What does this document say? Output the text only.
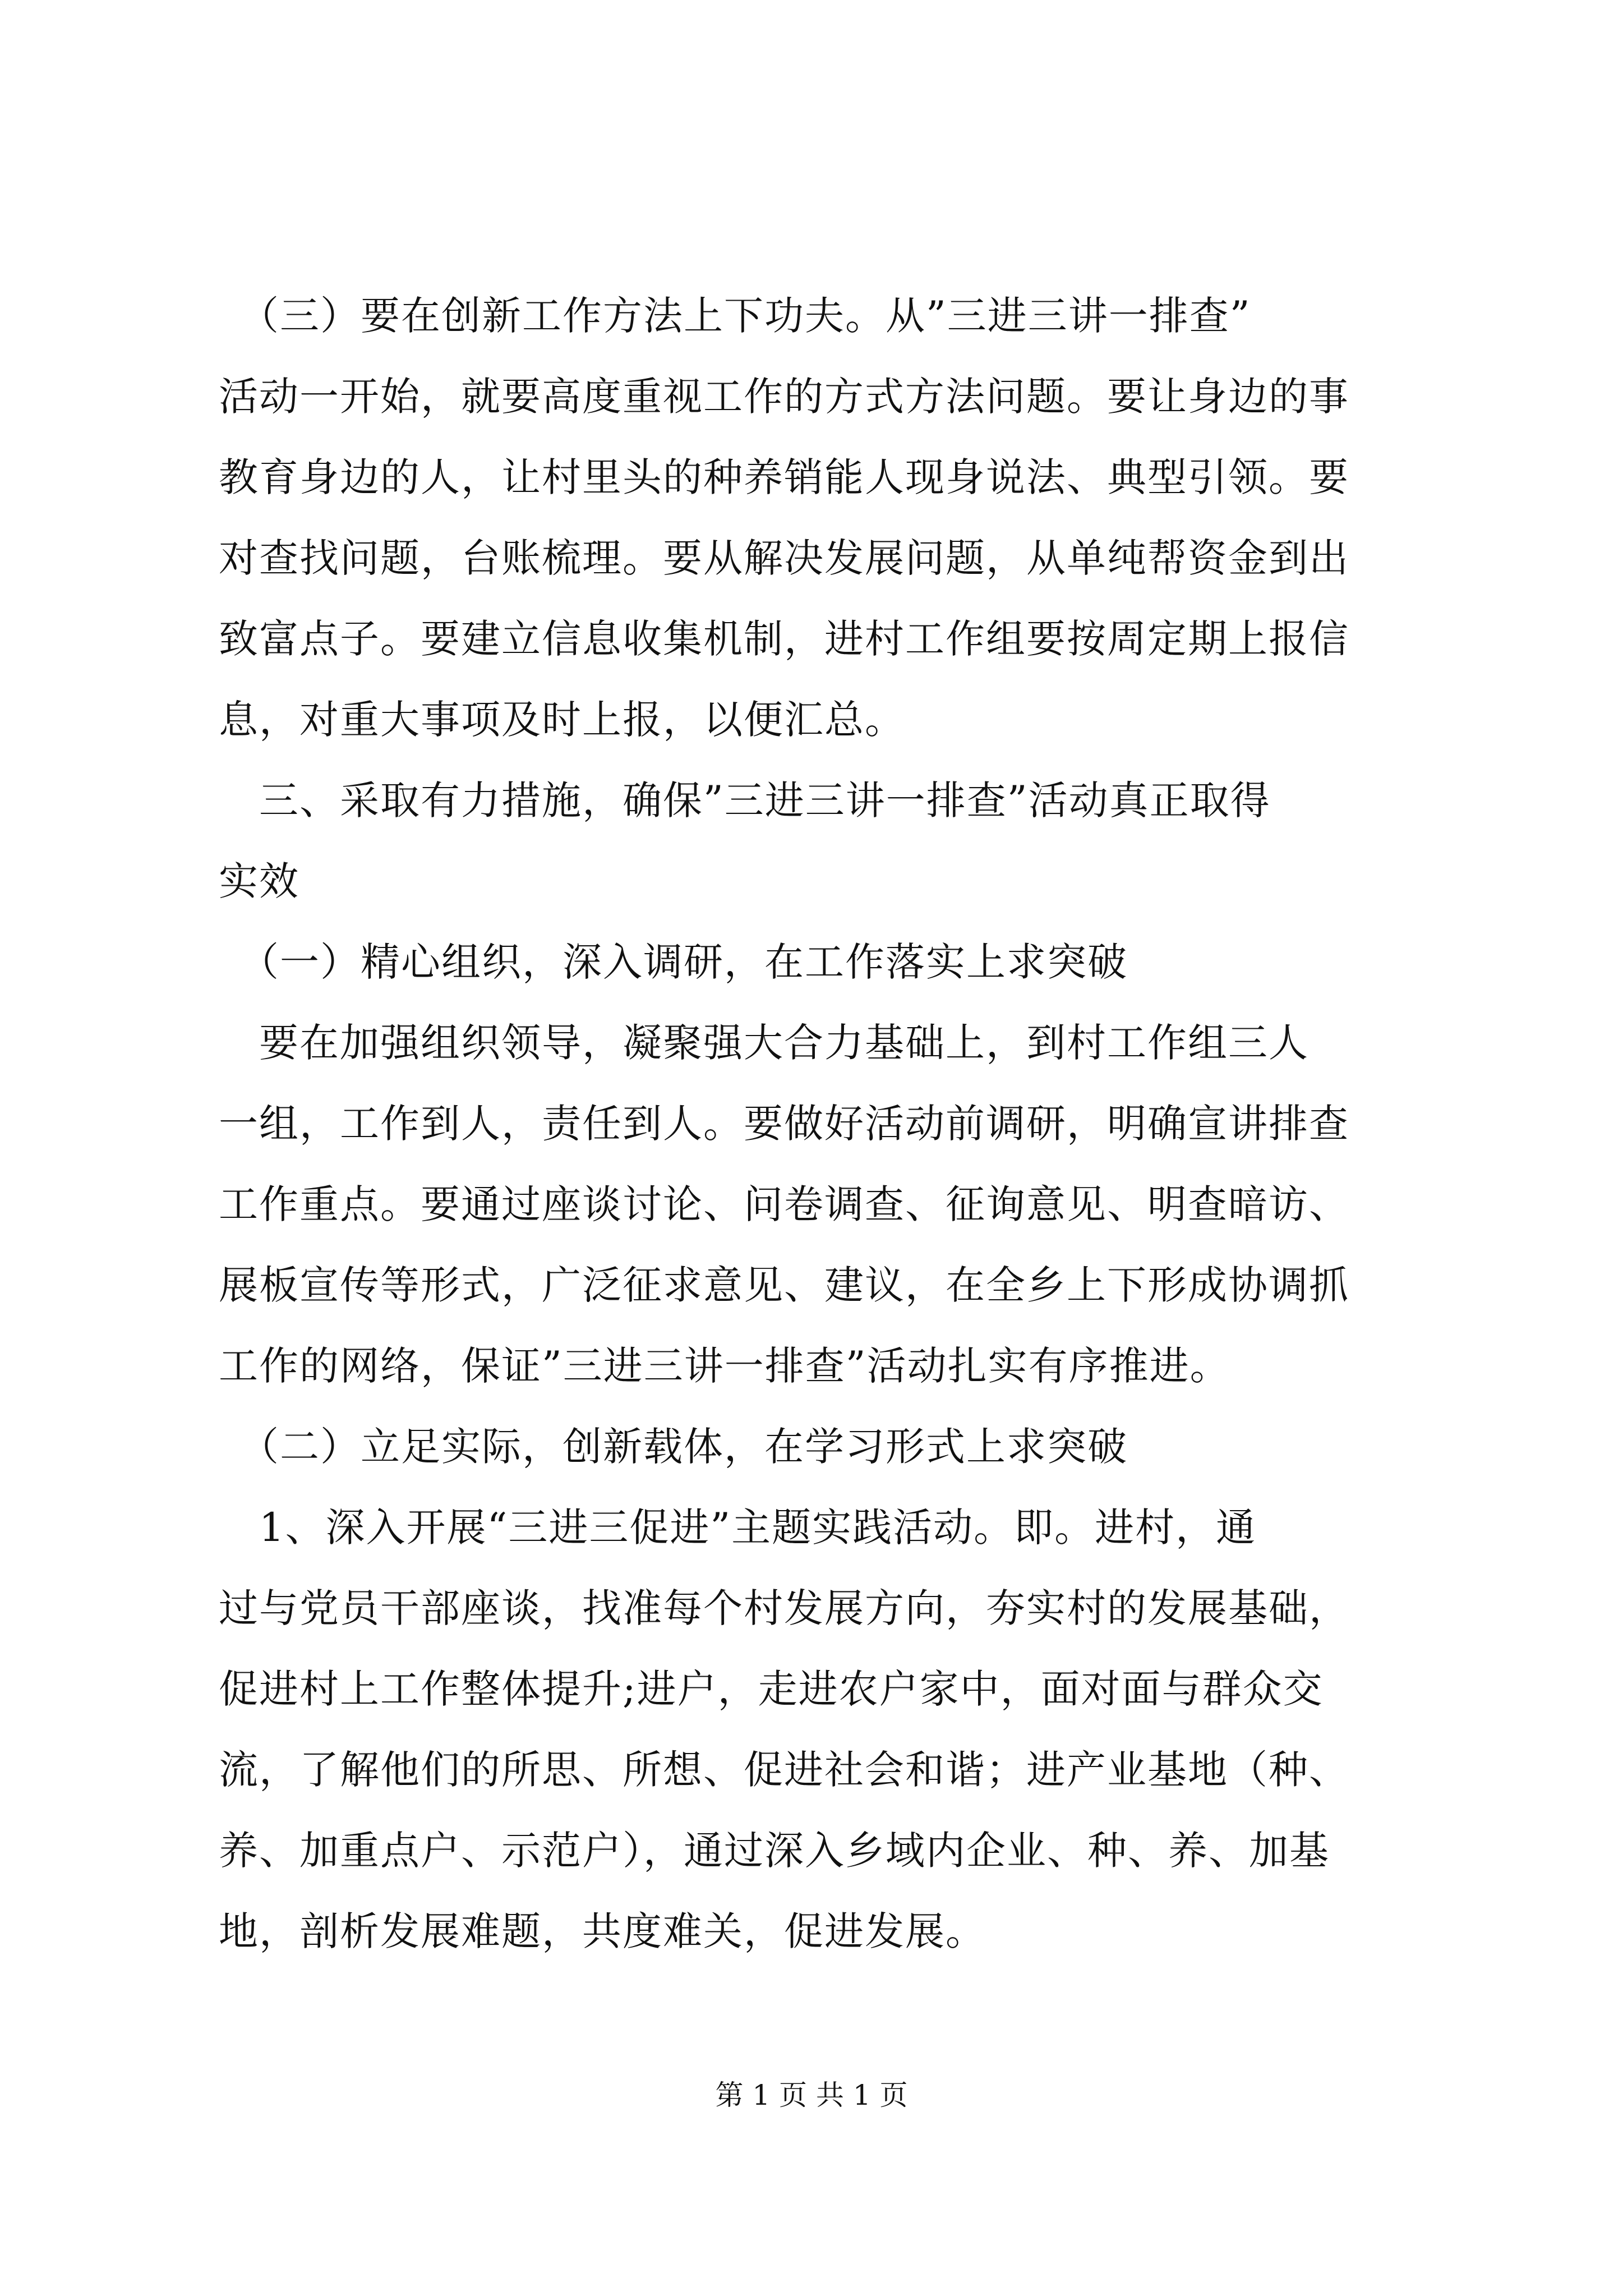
　（三）要在创新工作方法上下功夫。从”三进三讲一排查”
活动一开始，就要高度重视工作的方式方法问题。要让身边的事
教育身边的人，让村里头的种养销能人现身说法、典型引领。要
对查找问题，台账梳理。要从解决发展问题，从单纯帮资金到出
致富点子。要建立信息收集机制，进村工作组要按周定期上报信
息，对重大事项及时上报，以便汇总。
　三、采取有力措施，确保”三进三讲一排查”活动真正取得
实效
　（一）精心组织，深入调研，在工作落实上求突破
　要在加强组织领导，凝聚强大合力基础上，到村工作组三人
一组，工作到人，责任到人。要做好活动前调研，明确宣讲排查
工作重点。要通过座谈讨论、问卷调查、征询意见、明查暗访、
展板宣传等形式，广泛征求意见、建议，在全乡上下形成协调抓
工作的网络，保证”三进三讲一排查”活动扎实有序推进。
　（二）立足实际，创新载体，在学习形式上求突破
　1、深入开展“三进三促进”主题实践活动。即。进村，通
过与党员干部座谈，找准每个村发展方向，夯实村的发展基础，
促进村上工作整体提升;进户，走进农户家中，面对面与群众交
流，了解他们的所思、所想、促进社会和谐；进产业基地（种、
养、加重点户、示范户），通过深入乡域内企业、种、养、加基
地，剖析发展难题，共度难关，促进发展。
第 1 页 共 1 页
